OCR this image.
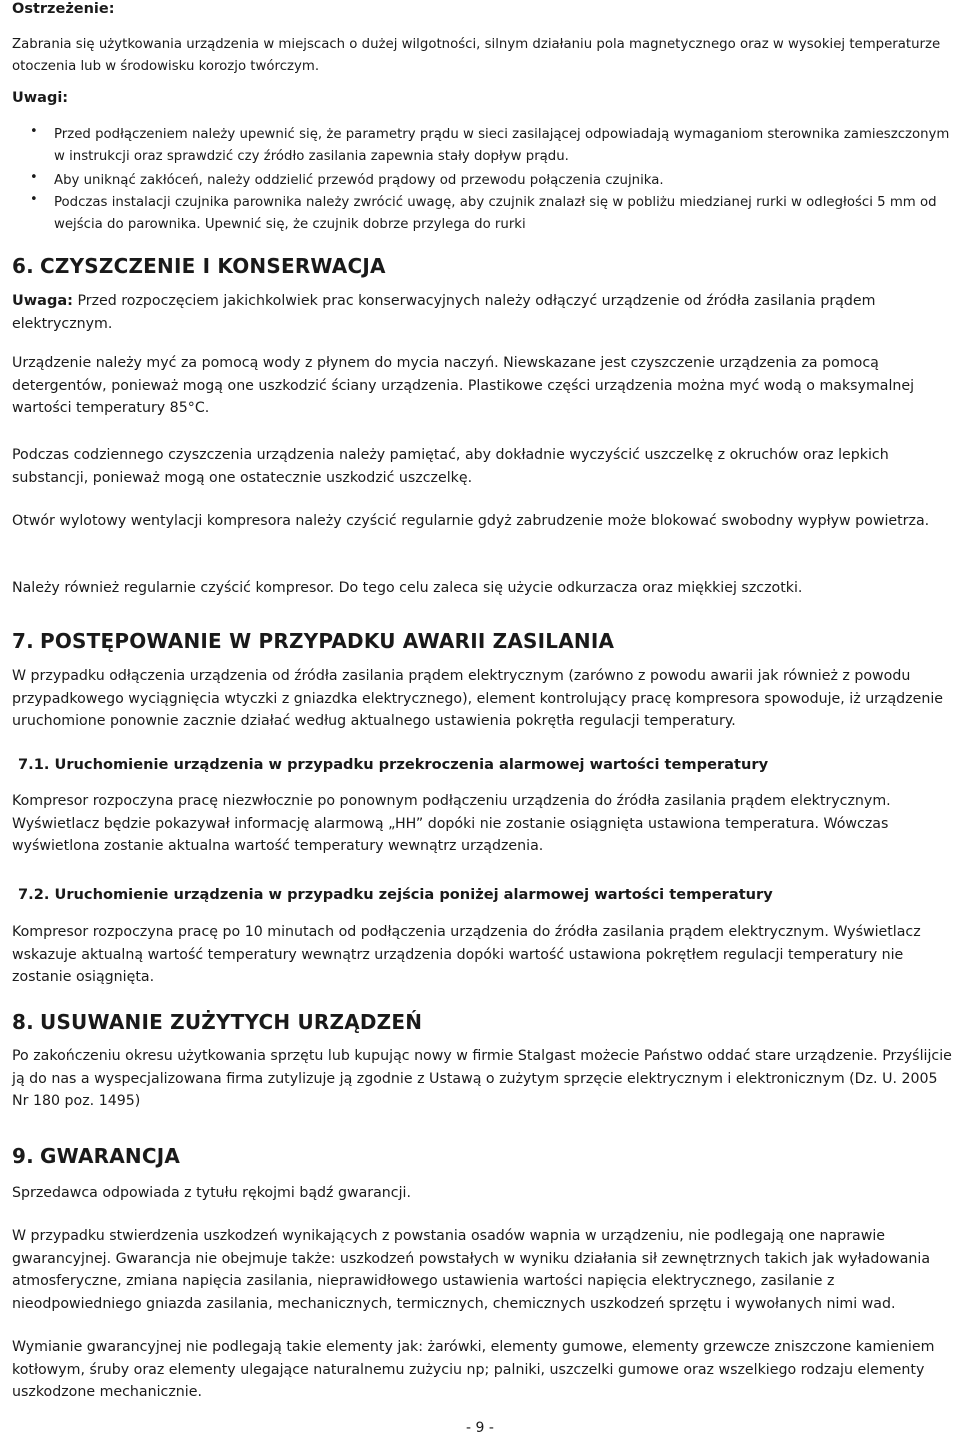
Ostrzeżenie:
Zabrania się użytkowania urządzenia w miejscach o dużej wilgotności, silnym działaniu pola magnetycznego oraz w wysokiej temperaturze otoczenia lub w środowisku korozjo twórczym.
Uwagi:
• Przed podłączeniem należy upewnić się, że parametry prądu w sieci zasilającej odpowiadają wymaganiom sterownika zamieszczonym w instrukcji oraz sprawdzić czy źródło zasilania zapewnia stały dopływ prądu.
• Aby uniknąć zakłóceń, należy oddzielić przewód prądowy od przewodu połączenia czujnika.
• Podczas instalacji czujnika parownika należy zwrócić uwagę, aby czujnik znalazł się w pobliżu miedzianej rurki w odległości 5 mm od wejścia do parownika. Upewnić się, że czujnik dobrze przylega do rurki
6. CZYSZCZENIE I KONSERWACJA
Uwaga: Przed rozpoczęciem jakichkolwiek prac konserwacyjnych należy odłączyć urządzenie od źródła zasilania prądem elektrycznym.
Urządzenie należy myć za pomocą wody z płynem do mycia naczyń. Niewskazane jest czyszczenie urządzenia za pomocą detergentów, ponieważ mogą one uszkodzić ściany urządzenia. Plastikowe części urządzenia można myć wodą o maksymalnej wartości temperatury 85°C.
Podczas codziennego czyszczenia urządzenia należy pamiętać, aby dokładnie wyczyścić uszczelkę z okruchów oraz lepkich substancji, ponieważ mogą one ostatecznie uszkodzić uszczelkę.
Otwór wylotowy wentylacji kompresora należy czyścić regularnie gdyż zabrudzenie może blokować swobodny wypływ powietrza.
Należy również regularnie czyścić kompresor. Do tego celu zaleca się użycie odkurzacza oraz miękkiej szczotki.
7. POSTĘPOWANIE W PRZYPADKU AWARII ZASILANIA
W przypadku odłączenia urządzenia od źródła zasilania prądem elektrycznym (zarówno z powodu awarii jak również z powodu przypadkowego wyciągnięcia wtyczki z gniazdka elektrycznego), element kontrolujący pracę kompresora spowoduje, iż urządzenie uruchomione ponownie zacznie działać według aktualnego ustawienia pokrętła regulacji temperatury.
7.1. Uruchomienie urządzenia w przypadku przekroczenia alarmowej wartości temperatury
Kompresor rozpoczyna pracę niezwłocznie po ponownym podłączeniu urządzenia do źródła zasilania prądem elektrycznym. Wyświetlacz będzie pokazywał informację alarmową „HH” dopóki nie zostanie osiągnięta ustawiona temperatura. Wówczas wyświetlona zostanie aktualna wartość temperatury wewnątrz urządzenia.
7.2. Uruchomienie urządzenia w przypadku zejścia poniżej alarmowej wartości temperatury
Kompresor rozpoczyna pracę po 10 minutach od podłączenia urządzenia do źródła zasilania prądem elektrycznym. Wyświetlacz wskazuje aktualną wartość temperatury wewnątrz urządzenia dopóki wartość ustawiona pokrętłem regulacji temperatury nie zostanie osiągnięta.
8. USUWANIE ZUŻYTYCH URZĄDZEŃ
Po zakończeniu okresu użytkowania sprzętu lub kupując nowy w firmie Stalgast możecie Państwo oddać stare urządzenie. Przyślijcie ją do nas a wyspecjalizowana firma zutylizuje ją zgodnie z Ustawą o zużytym sprzęcie elektrycznym i elektronicznym (Dz. U. 2005 Nr 180 poz. 1495)
9. GWARANCJA
Sprzedawca odpowiada z tytułu rękojmi bądź gwarancji.
W przypadku stwierdzenia uszkodzeń wynikających z powstania osadów wapnia w urządzeniu, nie podlegają one naprawie gwarancyjnej. Gwarancja nie obejmuje także: uszkodzeń powstałych w wyniku działania sił zewnętrznych takich jak wyładowania atmosferyczne, zmiana napięcia zasilania, nieprawidłowego ustawienia wartości napięcia elektrycznego, zasilanie z nieodpowiedniego gniazda zasilania, mechanicznych, termicznych, chemicznych uszkodzeń sprzętu i wywołanych nimi wad.
Wymianie gwarancyjnej nie podlegają takie elementy jak: żarówki, elementy gumowe, elementy grzewcze zniszczone kamieniem kotłowym, śruby oraz elementy ulegające naturalnemu zużyciu np; palniki, uszczelki gumowe oraz wszelkiego rodzaju elementy uszkodzone mechanicznie.
- 9 -
